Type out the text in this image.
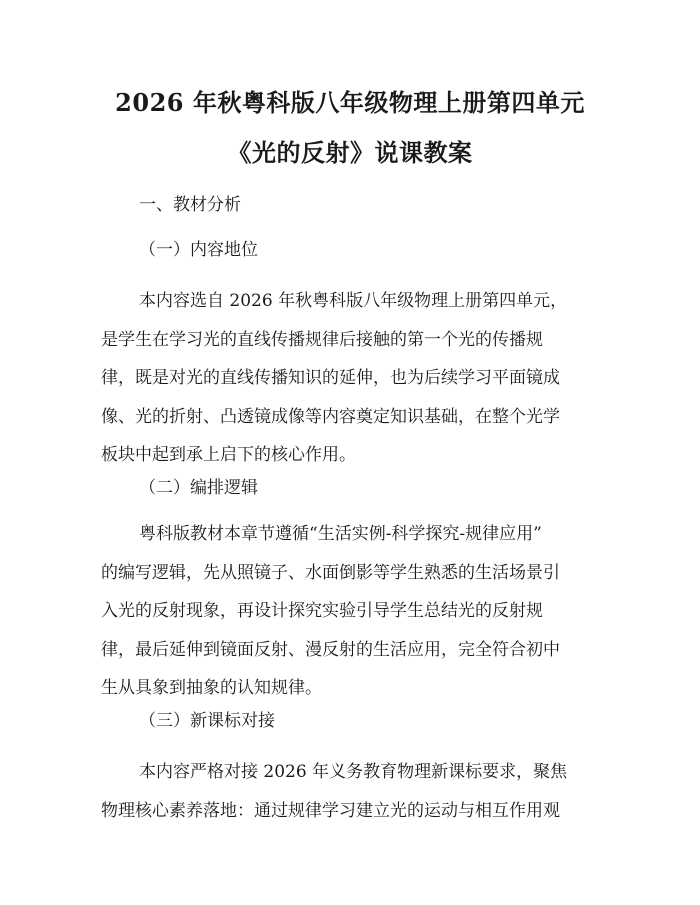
2026 年秋粤科版八年级物理上册第四单元
《光的反射》说课教案

一、教材分析

（一）内容地位

本内容选自 2026 年秋粤科版八年级物理上册第四单元，
是学生在学习光的直线传播规律后接触的第一个光的传播规
律，既是对光的直线传播知识的延伸，也为后续学习平面镜成
像、光的折射、凸透镜成像等内容奠定知识基础，在整个光学
板块中起到承上启下的核心作用。

（二）编排逻辑

粤科版教材本章节遵循“生活实例-科学探究-规律应用”
的编写逻辑，先从照镜子、水面倒影等学生熟悉的生活场景引
入光的反射现象，再设计探究实验引导学生总结光的反射规
律，最后延伸到镜面反射、漫反射的生活应用，完全符合初中
生从具象到抽象的认知规律。

（三）新课标对接

本内容严格对接 2026 年义务教育物理新课标要求，聚焦
物理核心素养落地：通过规律学习建立光的运动与相互作用观
